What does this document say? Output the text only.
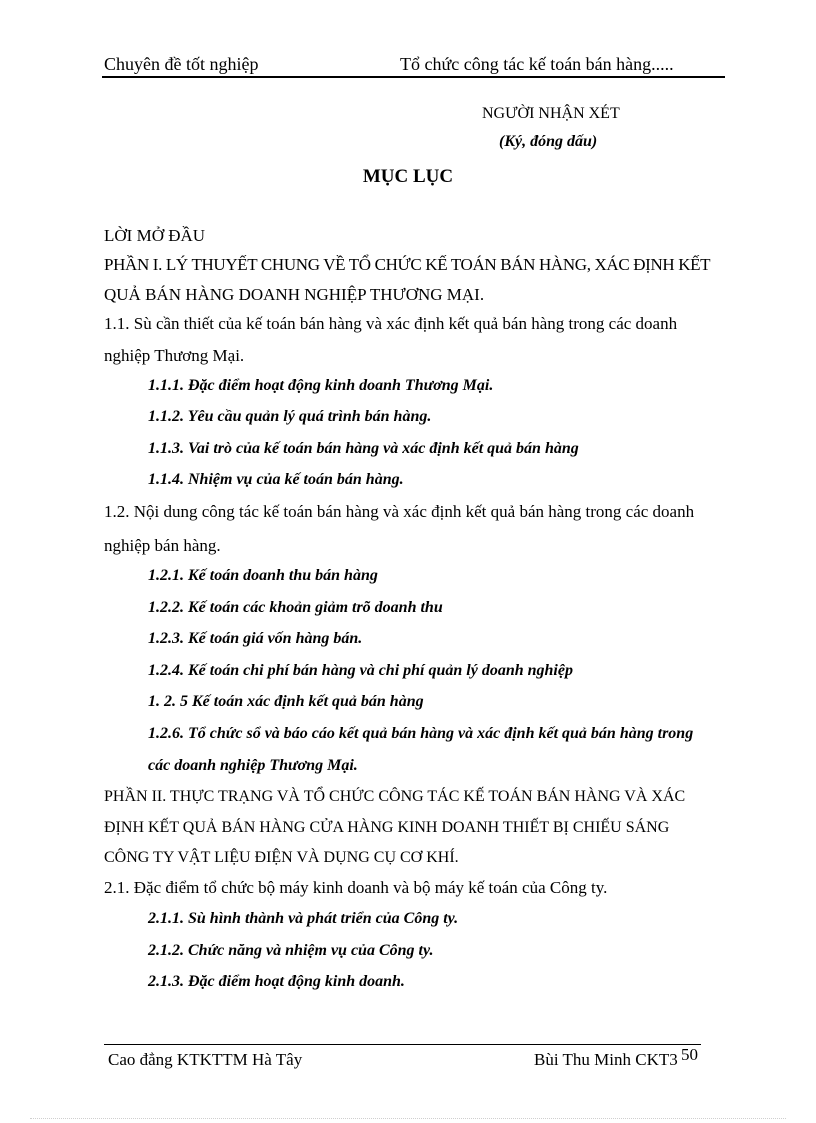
Chuyên đề tốt nghiệp	Tổ chức công tác kế toán bán hàng.....
NGƯỜI NHẬN XÉT
(Ký, đóng dấu)
MỤC LỤC
LỜI MỞ ĐẦU
PHẦN I. LÝ THUYẾT CHUNG VỀ TỔ CHỨC KẾ TOÁN BÁN HÀNG, XÁC ĐỊNH KẾT
QUẢ BÁN HÀNG DOANH NGHIỆP THƯƠNG MẠI.
1.1. Sù cần thiết của kế toán bán hàng và xác định kết quả bán hàng trong các doanh
nghiệp Thương Mại.
1.1.1. Đặc điểm hoạt động kinh doanh Thương Mại.
1.1.2. Yêu cầu quản lý quá trình bán hàng.
1.1.3. Vai trò của kế toán bán hàng và xác định kết quả bán hàng
1.1.4. Nhiệm vụ của kế toán bán hàng.
1.2. Nội dung công tác kế toán bán hàng và xác định kết quả bán hàng trong các doanh
nghiệp bán hàng.
1.2.1. Kế toán doanh thu bán hàng
1.2.2. Kế toán các khoản giảm trõ doanh thu
1.2.3. Kế toán giá vốn hàng bán.
1.2.4. Kế toán chi phí bán hàng và chi phí quản lý doanh nghiệp
1. 2. 5 Kế toán xác định kết quả bán hàng
1.2.6. Tổ chức sổ và báo cáo kết quả bán hàng và xác định kết quả bán hàng trong
các doanh nghiệp Thương Mại.
PHẦN II. THỰC TRẠNG VÀ TỔ CHỨC CÔNG TÁC KẾ TOÁN BÁN HÀNG VÀ XÁC
ĐỊNH KẾT QUẢ BÁN HÀNG CỬA HÀNG KINH DOANH THIẾT BỊ CHIẾU SÁNG
CÔNG TY VẬT LIỆU ĐIỆN VÀ DỤNG CỤ CƠ KHÍ.
2.1. Đặc điểm tổ chức bộ máy kinh doanh và bộ máy kế toán của Công ty.
2.1.1. Sù hình thành và phát triển của Công ty.
2.1.2. Chức năng và nhiệm vụ của Công ty.
2.1.3. Đặc điểm hoạt động kinh doanh.
Cao đẳng KTKTTM Hà Tây	Bùi Thu Minh CKT3 50
